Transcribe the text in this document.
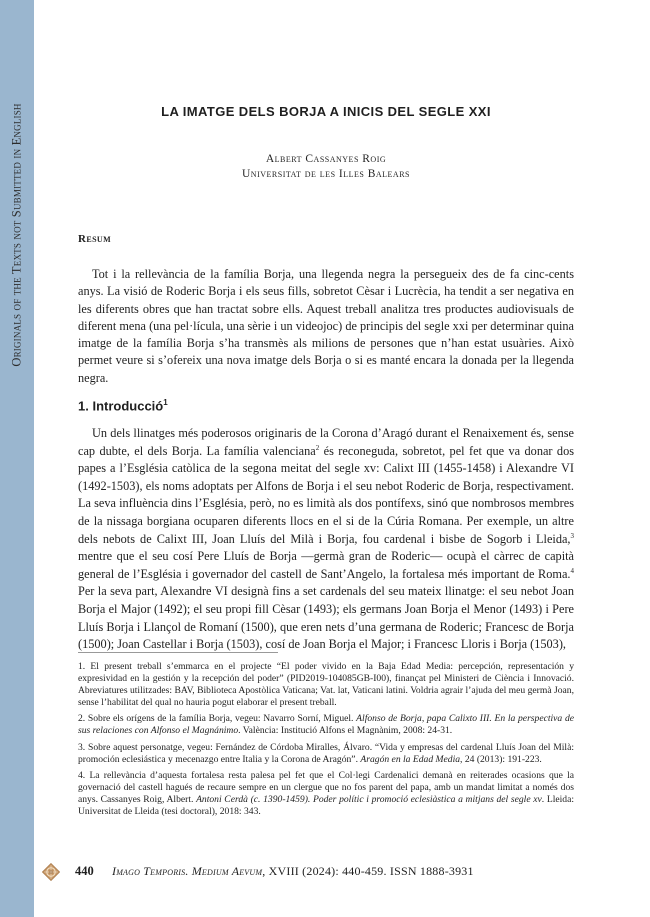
Originals of the Texts not Submitted in English	LA IMATGE DELS BORJA A INICIS DEL SEGLE XXI
Albert Cassanyes Roig
Universitat de les Illes Balears
Resum

Tot i la rellevància de la família Borja, una llegenda negra la persegueix des de fa cinc-cents anys. La visió de Roderic Borja i els seus fills, sobretot Cèsar i Lucrècia, ha tendit a ser negativa en les diferents obres que han tractat sobre ells. Aquest treball analitza tres productes audiovisuals de diferent mena (una pel·lícula, una sèrie i un videojoc) de principis del segle xxi per determinar quina imatge de la família Borja s’ha transmès als milions de persones que n’han estat usuàries. Això permet veure si s’ofereix una nova imatge dels Borja o si es manté encara la donada per la llegenda negra.

1. Introducció$^1$

Un dels llinatges més poderosos originaris de la Corona d’Aragó durant el Renaixement és, sense cap dubte, el dels Borja. La família valenciana$^2$ és reconeguda, sobretot, pel fet que va donar dos papes a l’Església catòlica de la segona meitat del segle xv: Calixt III (1455-1458) i Alexandre VI (1492-1503), els noms adoptats per Alfons de Borja i el seu nebot Roderic de Borja, respectivament. La seva influència dins l’Església, però, no es limità als dos pontífexs, sinó que nombrosos membres de la nissaga borgiana ocuparen diferents llocs en el si de la Cúria Romana. Per exemple, un altre dels nebots de Calixt III, Joan Lluís del Milà i Borja, fou cardenal i bisbe de Sogorb i Lleida,$^3$ mentre que el seu cosí Pere Lluís de Borja —germà gran de Roderic— ocupà el càrrec de capità general de l’Església i governador del castell de Sant’Angelo, la fortalesa més important de Roma.$^4$ Per la seva part, Alexandre VI designà fins a set cardenals del seu mateix llinatge: el seu nebot Joan Borja el Major (1492); el seu propi fill Cèsar (1493); els germans Joan Borja el Menor (1493) i Pere Lluís Borja i Llançol de Romaní (1500), que eren nets d’una germana de Roderic; Francesc de Borja (1500); Joan Castellar i Borja (1503), cosí de Joan Borja el Major; i Francesc Lloris i Borja (1503),

1. El present treball s’emmarca en el projecte “El poder vivido en la Baja Edad Media: percepción, representación y expresividad en la gestión y la recepción del poder” (PID2019-104085GB-I00), finançat pel Ministeri de Ciència i Innovació. Abreviatures utilitzades: BAV, Biblioteca Apostòlica Vaticana; Vat. lat, Vaticani latini. Voldria agrair l’ajuda del meu germà Joan, sense l’habilitat del qual no hauria pogut elaborar el present treball.

2. Sobre els orígens de la família Borja, vegeu: Navarro Sorní, Miguel. Alfonso de Borja, papa Calixto III. En la perspectiva de sus relaciones con Alfonso el Magnánimo. València: Institució Alfons el Magnànim, 2008: 24-31.

3. Sobre aquest personatge, vegeu: Fernández de Córdoba Miralles, Álvaro. “Vida y empresas del cardenal Lluís Joan del Milà: promoción eclesiástica y mecenazgo entre Italia y la Corona de Aragón”. Aragón en la Edad Media, 24 (2013): 191-223.

4. La rellevància d’aquesta fortalesa resta palesa pel fet que el Col·legi Cardenalici demanà en reiterades ocasions que la governació del castell hagués de recaure sempre en un clergue que no fos parent del papa, amb un mandat limitat a només dos anys. Cassanyes Roig, Albert. Antoni Cerdà (c. 1390-1459). Poder polític i promoció eclesiàstica a mitjans del segle xv. Lleida: Universitat de Lleida (tesi doctoral), 2018: 343.

440 Imago Temporis. Medium Aevum, XVIII (2024): 440-459. ISSN 1888-3931
